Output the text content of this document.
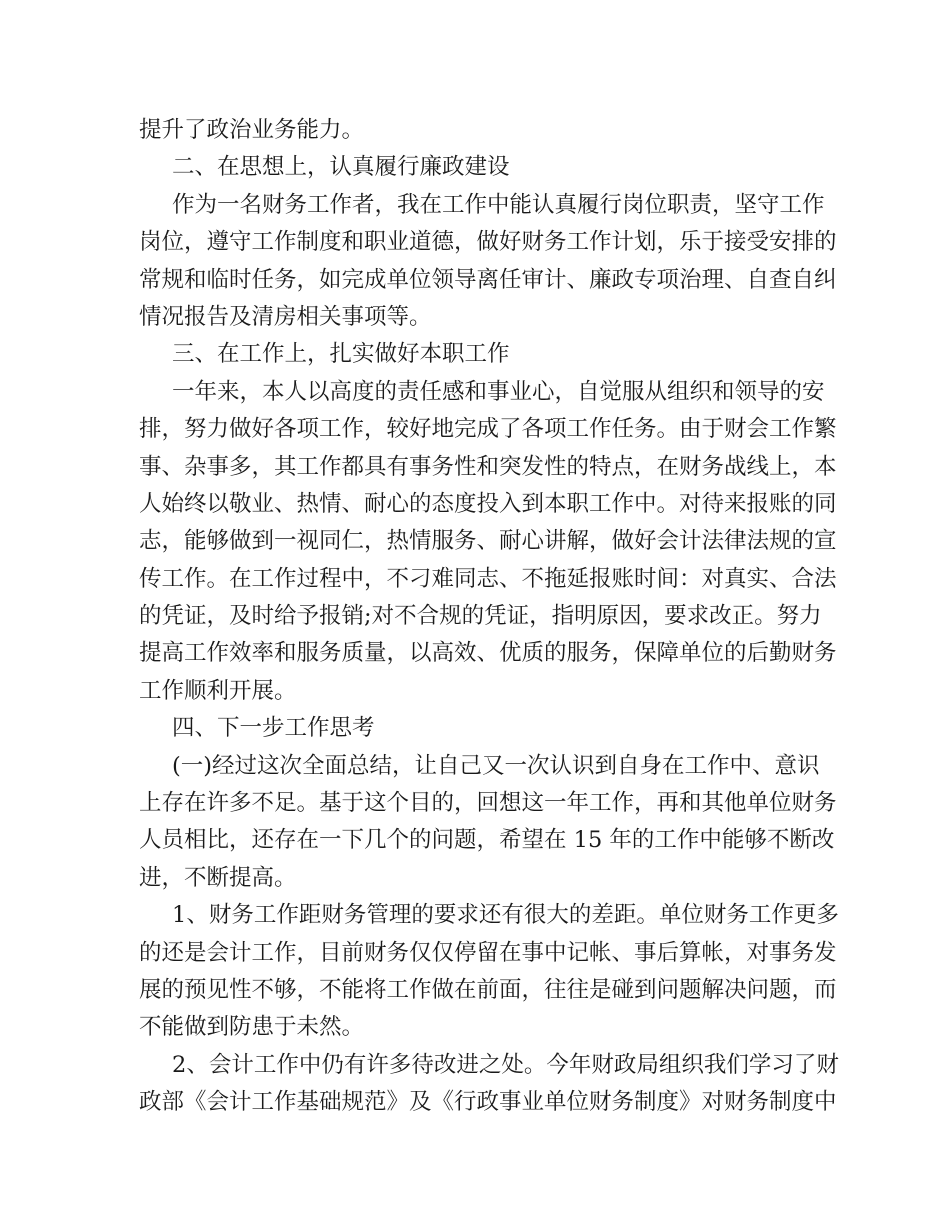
提升了政治业务能力。
二、在思想上，认真履行廉政建设
作为一名财务工作者，我在工作中能认真履行岗位职责，坚守工作
岗位，遵守工作制度和职业道德，做好财务工作计划，乐于接受安排的
常规和临时任务，如完成单位领导离任审计、廉政专项治理、自查自纠
情况报告及清房相关事项等。
三、在工作上，扎实做好本职工作
一年来，本人以高度的责任感和事业心，自觉服从组织和领导的安
排，努力做好各项工作，较好地完成了各项工作任务。由于财会工作繁
事、杂事多，其工作都具有事务性和突发性的特点，在财务战线上，本
人始终以敬业、热情、耐心的态度投入到本职工作中。对待来报账的同
志，能够做到一视同仁，热情服务、耐心讲解，做好会计法律法规的宣
传工作。在工作过程中，不刁难同志、不拖延报账时间：对真实、合法
的凭证，及时给予报销;对不合规的凭证，指明原因，要求改正。努力
提高工作效率和服务质量，以高效、优质的服务，保障单位的后勤财务
工作顺利开展。
四、下一步工作思考
(一)经过这次全面总结，让自己又一次认识到自身在工作中、意识
上存在许多不足。基于这个目的，回想这一年工作，再和其他单位财务
人员相比，还存在一下几个的问题，希望在 15 年的工作中能够不断改
进，不断提高。
1、财务工作距财务管理的要求还有很大的差距。单位财务工作更多
的还是会计工作，目前财务仅仅停留在事中记帐、事后算帐，对事务发
展的预见性不够，不能将工作做在前面，往往是碰到问题解决问题，而
不能做到防患于未然。
2、会计工作中仍有许多待改进之处。今年财政局组织我们学习了财
政部《会计工作基础规范》及《行政事业单位财务制度》对财务制度中
